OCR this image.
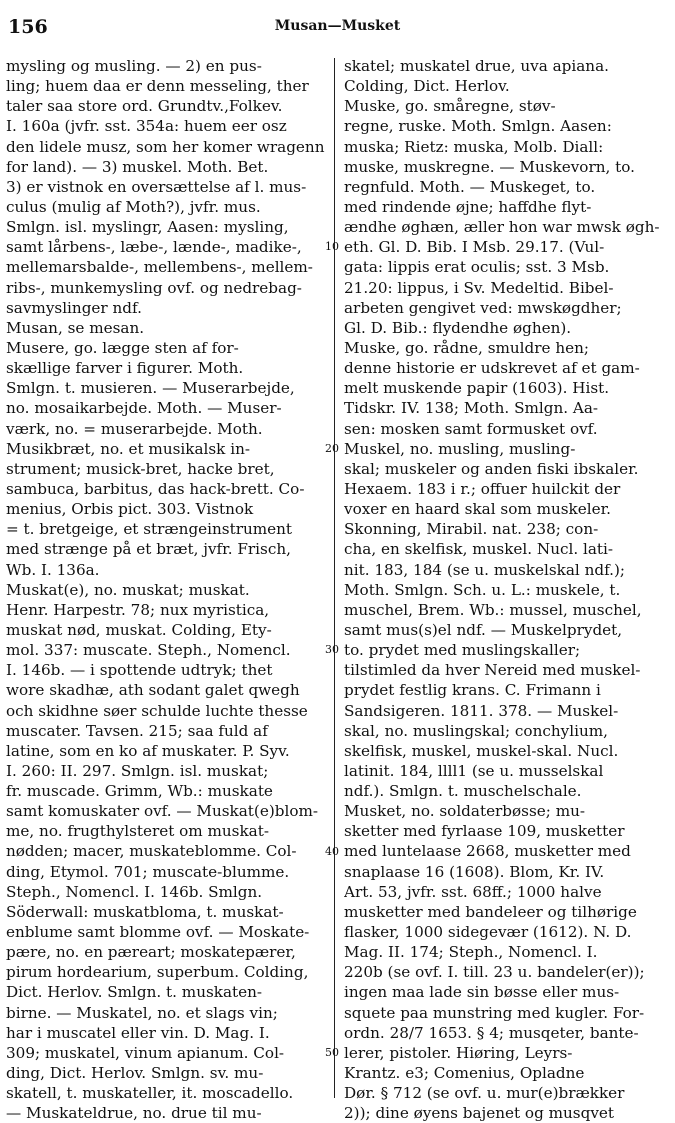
156	Musan—Musket
mysling og musling. — 2) en pus-
ling; huem daa er denn messeling, ther
taler saa store ord. Grundtv.,Folkev.
I. 160a (jvfr. sst. 354a: huem eer osz
den lidele musz, som her komer wragenn
for land). — 3) muskel. Moth. Bet.
3) er vistnok en oversættelse af l. mus-
culus (mulig af Moth?), jvfr. mus.
Smlgn. isl. myslingr, Aasen: mysling,
samt lårbens-, læbe-, lænde-, madike-,
mellemarsbalde-, mellembens-, mellem-
ribs-, munkemysling ovf. og nedrebag-
savmyslinger ndf.
Musan, se mesan.
Musere, go. lægge sten af for-
skællige farver i figurer. Moth.
Smlgn. t. musieren. — Muserarbejde,
no. mosaikarbejde. Moth. — Muser-
værk, no. = muserarbejde. Moth.
Musikbræt, no. et musikalsk in-
strument; musick-bret, hacke bret,
sambuca, barbitus, das hack-brett. Co-
menius, Orbis pict. 303. Vistnok
= t. bretgeige, et strængeinstrument
med strænge på et bræt, jvfr. Frisch,
Wb. I. 136a.
Muskat(e), no. muskat; muskat.
Henr. Harpestr. 78; nux myristica,
muskat nød, muskat. Colding, Ety-
mol. 337: muscate. Steph., Nomencl.
I. 146b. — i spottende udtryk; thet
wore skadhæ, ath sodant galet qwegh
och skidhne søer schulde luchte thesse
muscater. Tavsen. 215; saa fuld af
latine, som en ko af muskater. P. Syv.
I. 260: II. 297. Smlgn. isl. muskat;
fr. muscade. Grimm, Wb.: muskate
samt komuskater ovf. — Muskat(e)blom-
me, no. frugthylsteret om muskat-
nødden; macer, muskateblomme. Col-
ding, Etymol. 701; muscate-blumme.
Steph., Nomencl. I. 146b. Smlgn.
Söderwall: muskatbloma, t. muskat-
enblume samt blomme ovf. — Moskate-
pære, no. en pæreart; moskatepærer,
pirum hordearium, superbum. Colding,
Dict. Herlov. Smlgn. t. muskaten-
birne. — Muskatel, no. et slags vin;
har i muscatel eller vin. D. Mag. I.
309; muskatel, vinum apianum. Col-
ding, Dict. Herlov. Smlgn. sv. mu-
skatell, t. muskateller, it. moscadello.
— Muskateldrue, no. drue til mu-
10
20
30
40
50
skatel; muskatel drue, uva apiana.
Colding, Dict. Herlov.
Muske, go. småregne, støv-
regne, ruske. Moth. Smlgn. Aasen:
muska; Rietz: muska, Molb. Diall:
muske, muskregne. — Muskevorn, to.
regnfuld. Moth. — Muskeget, to.
med rindende øjne; haffdhe flyt-
ændhe øghæn, æller hon war mwsk øgh-
eth. Gl. D. Bib. I Msb. 29.17. (Vul-
gata: lippis erat oculis; sst. 3 Msb.
21.20: lippus, i Sv. Medeltid. Bibel-
arbeten gengivet ved: mwskøgdher;
Gl. D. Bib.: flydendhe øghen).
Muske, go. rådne, smuldre hen;
denne historie er udskrevet af et gam-
melt muskende papir (1603). Hist.
Tidskr. IV. 138; Moth. Smlgn. Aa-
sen: mosken samt formusket ovf.
Muskel, no. musling, musling-
skal; muskeler og anden fiski ibskaler.
Hexaem. 183 i r.; offuer huilckit der
voxer en haard skal som muskeler.
Skonning, Mirabil. nat. 238; con-
cha, en skelfisk, muskel. Nucl. lati-
nit. 183, 184 (se u. muskelskal ndf.);
Moth. Smlgn. Sch. u. L.: muskele, t.
muschel, Brem. Wb.: mussel, muschel,
samt mus(s)el ndf. — Muskelprydet,
to. prydet med muslingskaller;
tilstimled da hver Nereid med muskel-
prydet festlig krans. C. Frimann i
Sandsigeren. 1811. 378. — Muskel-
skal, no. muslingskal; conchylium,
skelfisk, muskel, muskel-skal. Nucl.
latinit. 184, llll1 (se u. musselskal
ndf.). Smlgn. t. muschelschale.
Musket, no. soldaterbøsse; mu-
sketter med fyrlaase 109, musketter
med luntelaase 2668, musketter med
snaplaase 16 (1608). Blom, Kr. IV.
Art. 53, jvfr. sst. 68ff.; 1000 halve
musketter med bandeleer og tilhørige
flasker, 1000 sidegevær (1612). N. D.
Mag. II. 174; Steph., Nomencl. I.
220b (se ovf. I. till. 23 u. bandeler(er));
ingen maa lade sin bøsse eller mus-
squete paa munstring med kugler. For-
ordn. 28/7 1653. § 4; musqeter, bante-
lerer, pistoler. Hiøring, Leyrs-
Krantz. e3; Comenius, Opladne
Dør. § 712 (se ovf. u. mur(e)brækker
2)); dine øyens bajenet og musqvet
